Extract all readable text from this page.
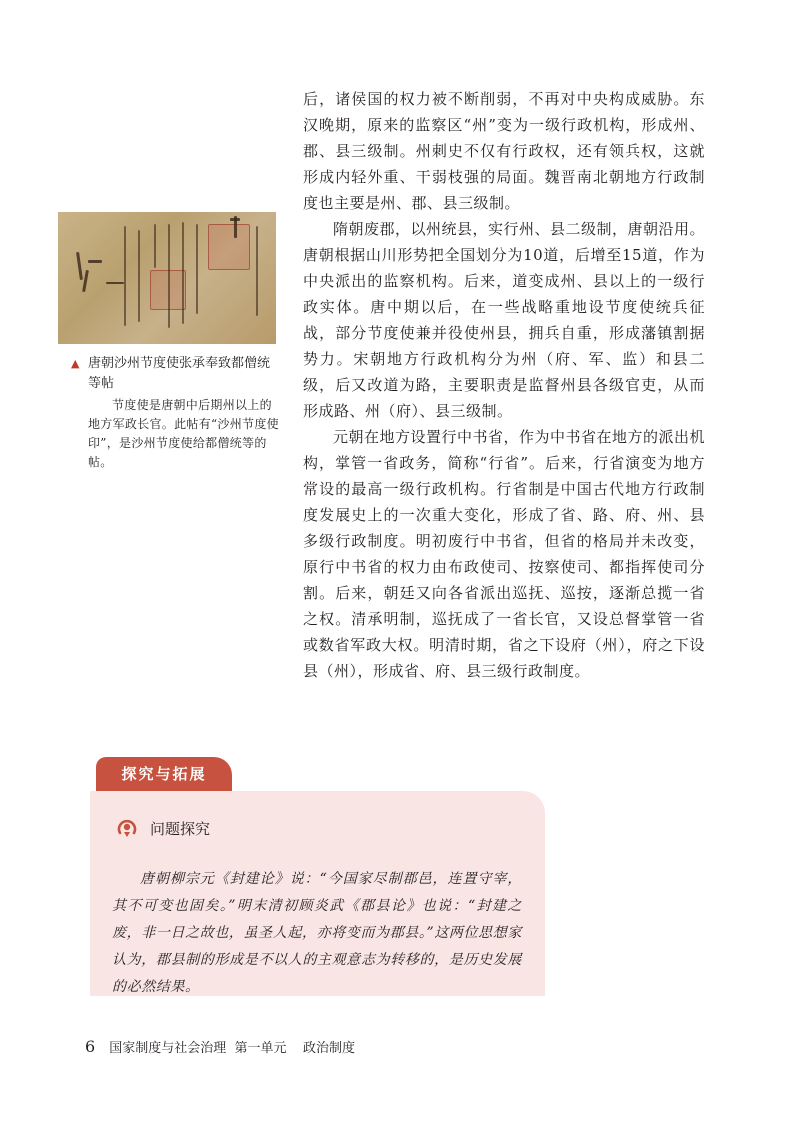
▲ 唐朝沙州节度使张承奉致都僧统等帖
节度使是唐朝中后期州以上的地方军政长官。此帖有“沙州节度使印”，是沙州节度使给都僧统等的帖。

后，诸侯国的权力被不断削弱，不再对中央构成威胁。东汉晚期，原来的监察区“州”变为一级行政机构，形成州、郡、县三级制。州刺史不仅有行政权，还有领兵权，这就形成内轻外重、干弱枝强的局面。魏晋南北朝地方行政制度也主要是州、郡、县三级制。

隋朝废郡，以州统县，实行州、县二级制，唐朝沿用。唐朝根据山川形势把全国划分为10道，后增至15道，作为中央派出的监察机构。后来，道变成州、县以上的一级行政实体。唐中期以后，在一些战略重地设节度使统兵征战，部分节度使兼并役使州县，拥兵自重，形成藩镇割据势力。宋朝地方行政机构分为州（府、军、监）和县二级，后又改道为路，主要职责是监督州县各级官吏，从而形成路、州（府）、县三级制。

元朝在地方设置行中书省，作为中书省在地方的派出机构，掌管一省政务，简称“行省”。后来，行省演变为地方常设的最高一级行政机构。行省制是中国古代地方行政制度发展史上的一次重大变化，形成了省、路、府、州、县多级行政制度。明初废行中书省，但省的格局并未改变，原行中书省的权力由布政使司、按察使司、都指挥使司分割。后来，朝廷又向各省派出巡抚、巡按，逐渐总揽一省之权。清承明制，巡抚成了一省长官，又设总督掌管一省或数省军政大权。明清时期，省之下设府（州），府之下设县（州），形成省、府、县三级行政制度。

探究与拓展
问题探究
唐朝柳宗元《封建论》说：“今国家尽制郡邑，连置守宰，其不可变也固矣。”明末清初顾炎武《郡县论》也说：“封建之废，非一日之故也，虽圣人起，亦将变而为郡县。”这两位思想家认为，郡县制的形成是不以人的主观意志为转移的，是历史发展的必然结果。
6 国家制度与社会治理  第一单元    政治制度
